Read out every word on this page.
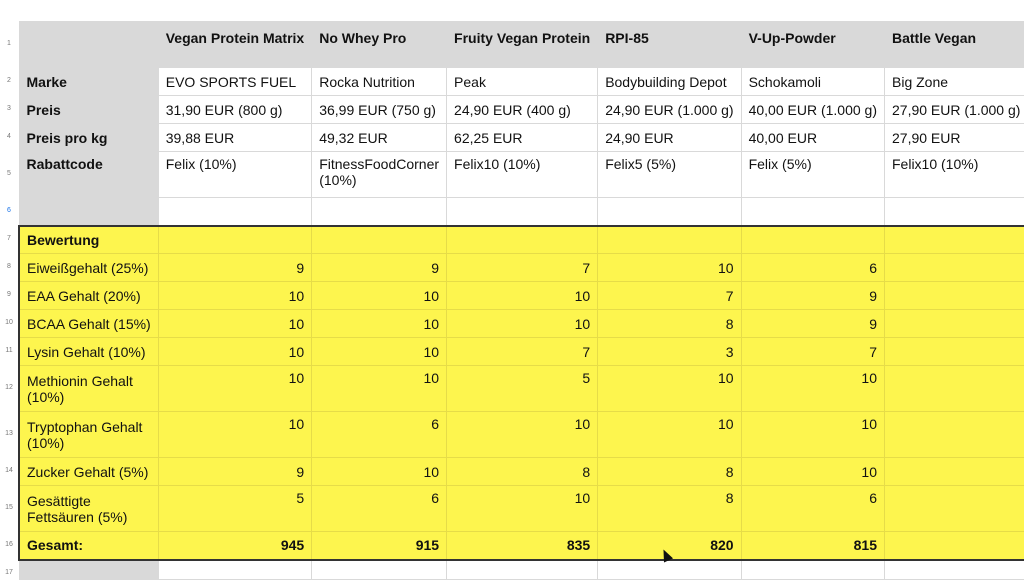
1
2
3
4
5
6
7
8
9
10
11
12
13
14
15
16
17
	Vegan Protein Matrix	No Whey Pro	Fruity Vegan Protein	RPI-85	V-Up-Powder	Battle Vegan
Marke	EVO SPORTS FUEL	Rocka Nutrition	Peak	Bodybuilding Depot	Schokamoli	Big Zone
Preis	31,90 EUR (800 g)	36,99 EUR (750 g)	24,90 EUR (400 g)	24,90 EUR (1.000 g)	40,00 EUR (1.000 g)	27,90 EUR (1.000 g)
Preis pro kg	39,88 EUR	49,32 EUR	62,25 EUR	24,90 EUR	40,00 EUR	27,90 EUR
Rabattcode	Felix (10%)	FitnessFoodCorner (10%)	Felix10 (10%)	Felix5 (5%)	Felix (5%)	Felix10 (10%)

Bewertung						
Eiweißgehalt (25%)	9	9	7	10	6	
EAA Gehalt (20%)	10	10	10	7	9	
BCAA Gehalt (15%)	10	10	10	8	9	
Lysin Gehalt (10%)	10	10	7	3	7	
Methionin Gehalt (10%)	10	10	5	10	10	
Tryptophan Gehalt (10%)	10	6	10	10	10	
Zucker Gehalt (5%)	9	10	8	8	10	
Gesättigte Fettsäuren (5%)	5	6	10	8	6	
Gesamt:	945	915	835	820	815	
